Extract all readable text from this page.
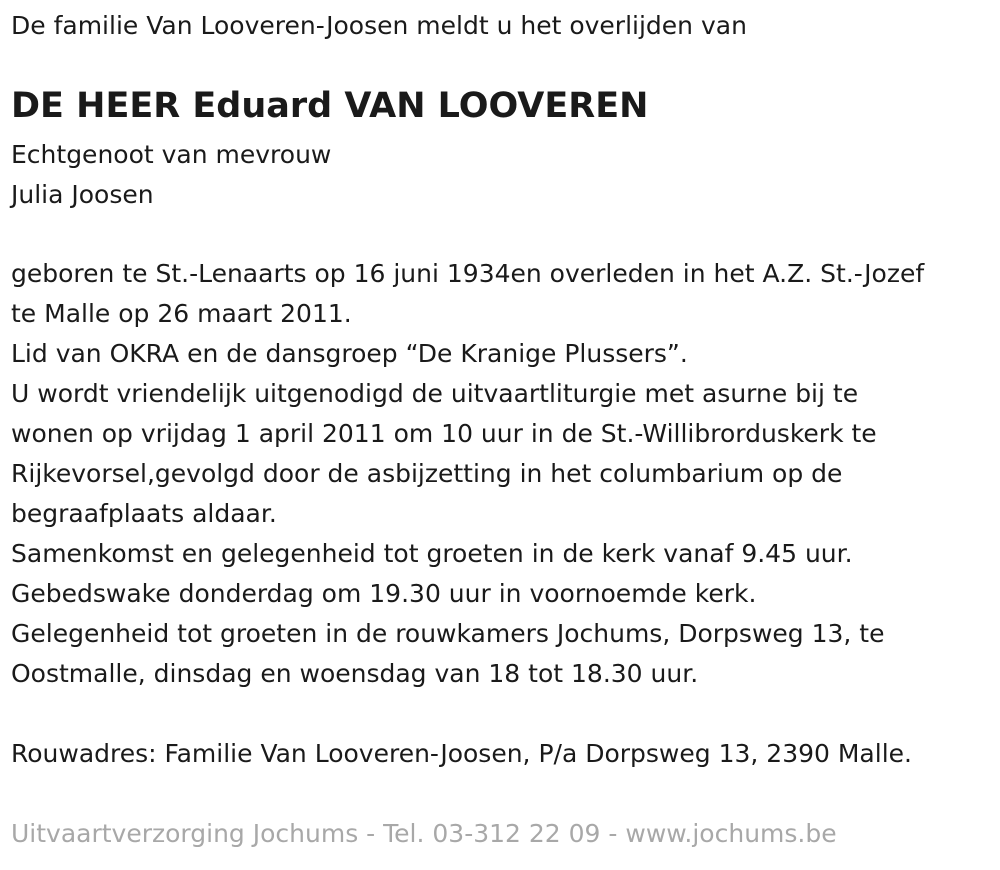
De familie Van Looveren-Joosen meldt u het overlijden van
DE HEER Eduard VAN LOOVEREN
Echtgenoot van mevrouw
Julia Joosen
geboren te St.-Lenaarts op 16 juni 1934en overleden in het A.Z. St.-Jozef
te Malle op 26 maart 2011.
Lid van OKRA en de dansgroep “De Kranige Plussers”.
U wordt vriendelijk uitgenodigd de uitvaartliturgie met asurne bij te
wonen op vrijdag 1 april 2011 om 10 uur in de St.-Willibrorduskerk te
Rijkevorsel,gevolgd door de asbijzetting in het columbarium op de
begraafplaats aldaar.
Samenkomst en gelegenheid tot groeten in de kerk vanaf 9.45 uur.
Gebedswake donderdag om 19.30 uur in voornoemde kerk.
Gelegenheid tot groeten in de rouwkamers Jochums, Dorpsweg 13, te
Oostmalle, dinsdag en woensdag van 18 tot 18.30 uur.
Rouwadres: Familie Van Looveren-Joosen, P/a Dorpsweg 13, 2390 Malle.
Uitvaartverzorging Jochums - Tel. 03-312 22 09 - www.jochums.be
